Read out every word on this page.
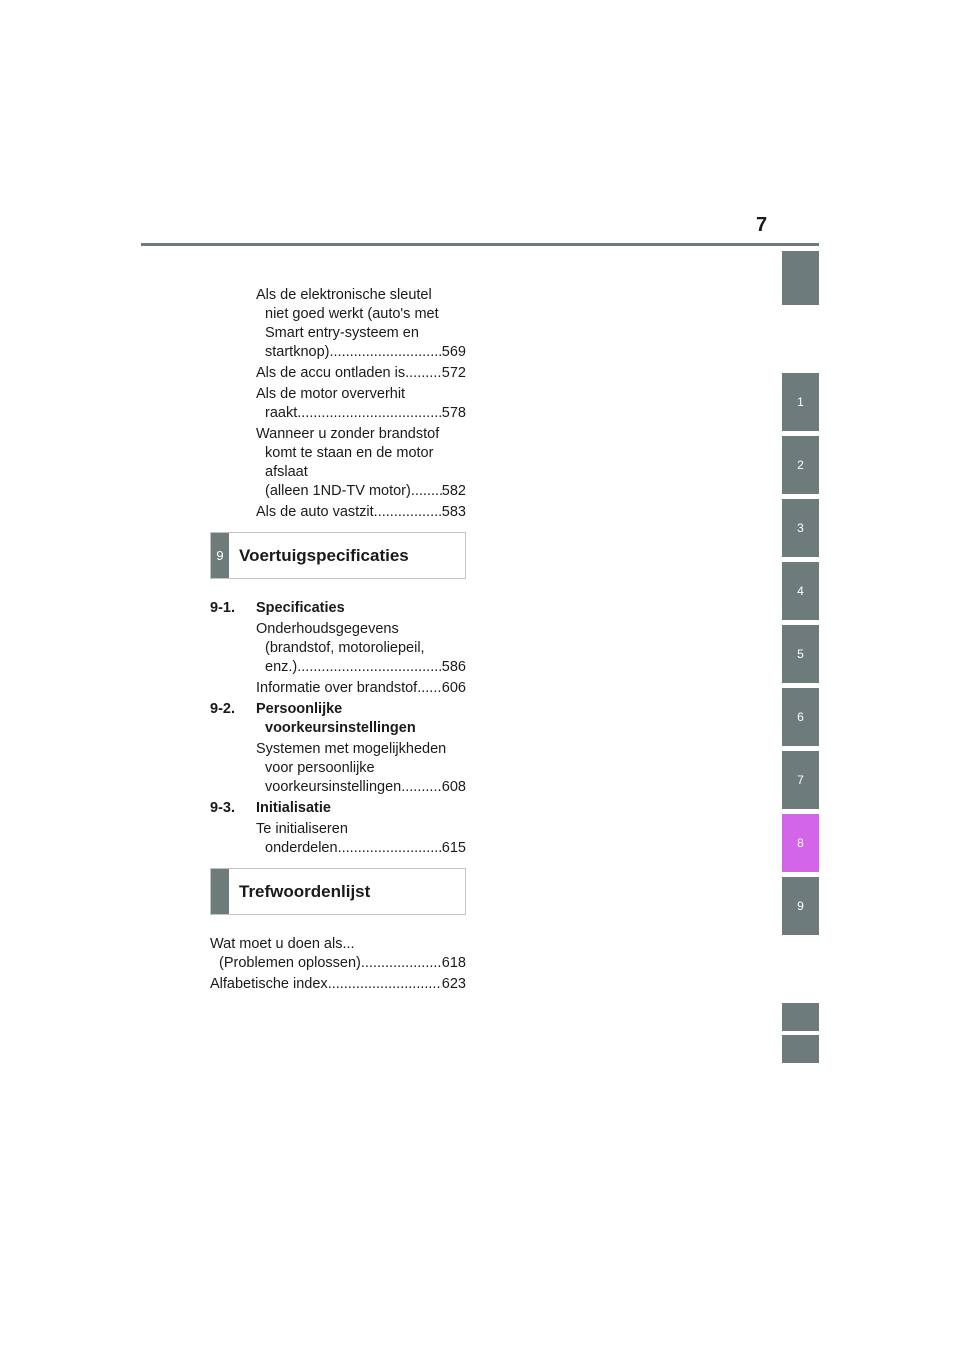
7
1
2
3
4
5
6
7
8
9
Als de elektronische sleutel
niet goed werkt (auto's met
Smart entry-systeem en
startknop) .....	569
Als de accu ontladen is .....	572
Als de motor oververhit
raakt .....	578
Wanneer u zonder brandstof
komt te staan en de motor
afslaat
(alleen 1ND-TV motor) ..... 582
Als de auto vastzit .....	583
9 Voertuigspecificaties
9-1.	Specificaties
Onderhoudsgegevens
(brandstof, motoroliepeil,
enz.) .....	586
Informatie over brandstof ..... 606
9-2.	Persoonlijke
voorkeursinstellingen
Systemen met mogelijkheden
voor persoonlijke
voorkeursinstellingen .....	608
9-3.	Initialisatie
Te initialiseren
onderdelen .....	615
Trefwoordenlijst
Wat moet u doen als...
(Problemen oplossen) .....	618
Alfabetische index .....	623
